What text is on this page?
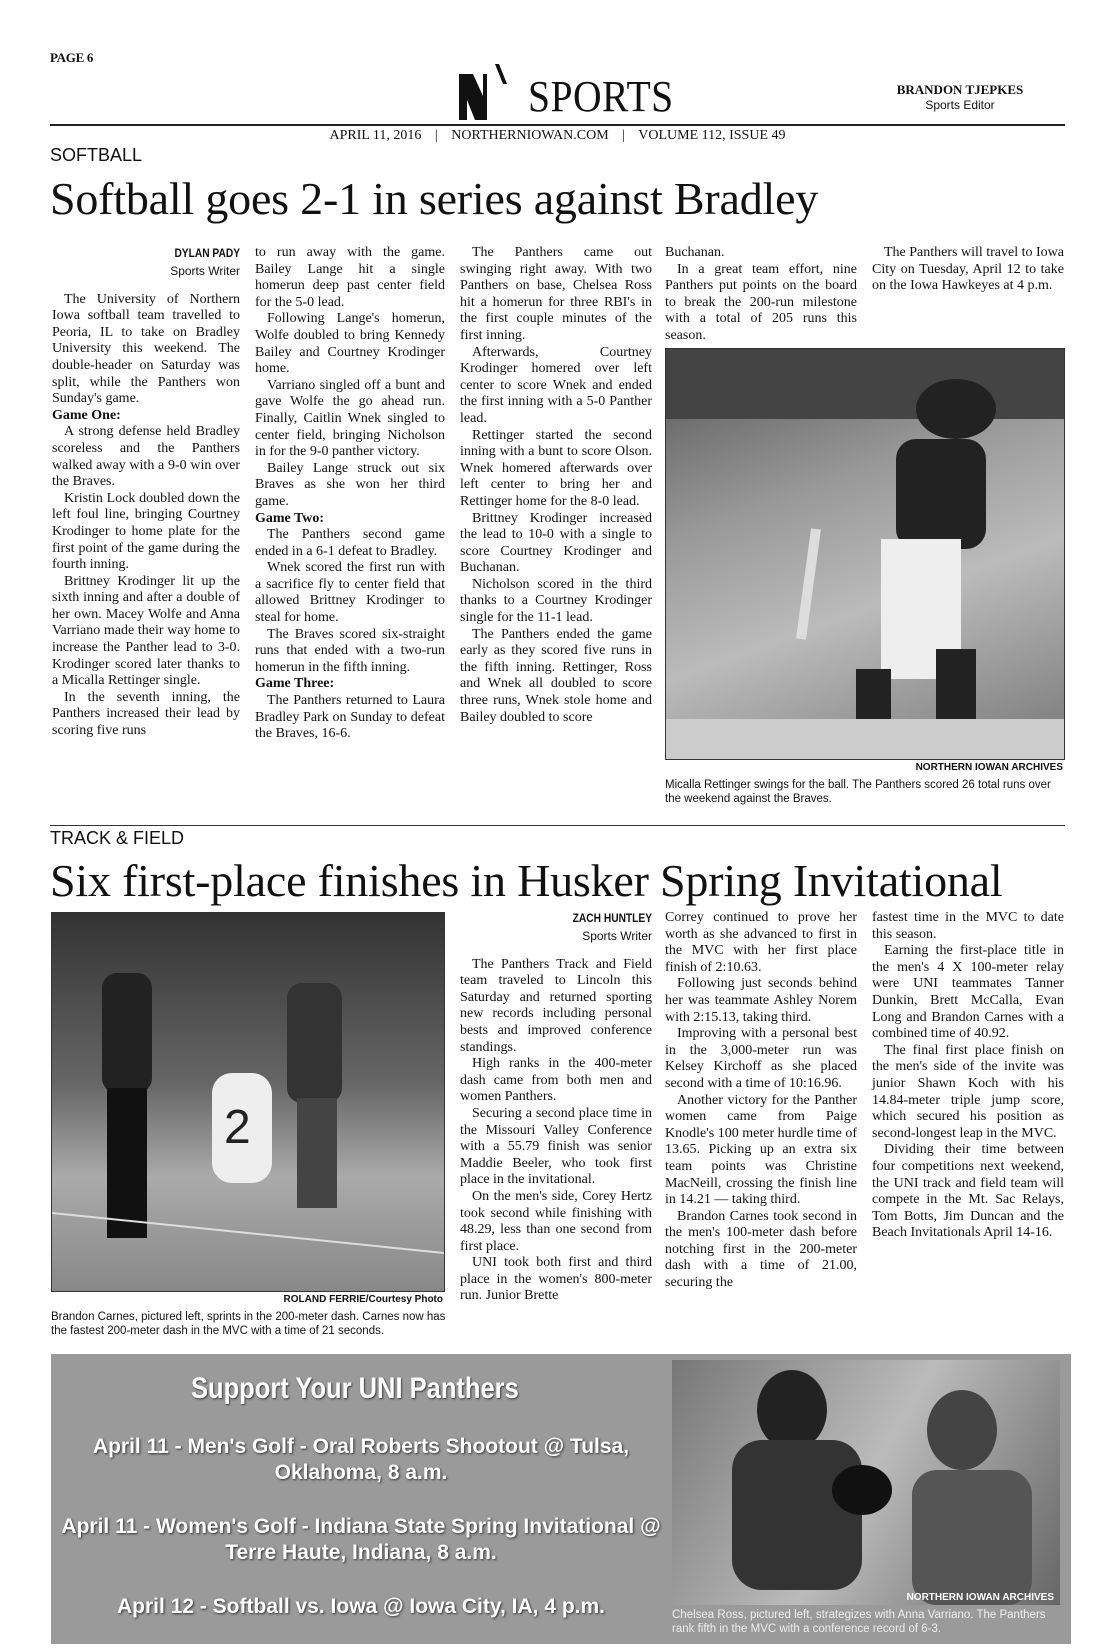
PAGE 6
SPORTS	BRANDON TJEPKES
Sports Editor
APRIL 11, 2016 | NORTHERNIOWAN.COM | VOLUME 112, ISSUE 49
SOFTBALL
Softball goes 2-1 in series against Bradley
DYLAN PADY
Sports Writer

The University of Northern Iowa softball team travelled to Peoria, IL to take on Bradley University this weekend. The double-header on Saturday was split, while the Panthers won Sunday's game.

Game One:

A strong defense held Bradley scoreless and the Panthers walked away with a 9-0 win over the Braves.

Kristin Lock doubled down the left foul line, bringing Courtney Krodinger to home plate for the first point of the game during the fourth inning.

Brittney Krodinger lit up the sixth inning and after a double of her own. Macey Wolfe and Anna Varriano made their way home to increase the Panther lead to 3-0. Krodinger scored later thanks to a Micalla Rettinger single.

In the seventh inning, the Panthers increased their lead by scoring five runs

to run away with the game. Bailey Lange hit a single homerun deep past center field for the 5-0 lead.

Following Lange's homerun, Wolfe doubled to bring Kennedy Bailey and Courtney Krodinger home.

Varriano singled off a bunt and gave Wolfe the go ahead run. Finally, Caitlin Wnek singled to center field, bringing Nicholson in for the 9-0 panther victory.

Bailey Lange struck out six Braves as she won her third game.

Game Two:

The Panthers second game ended in a 6-1 defeat to Bradley.

Wnek scored the first run with a sacrifice fly to center field that allowed Brittney Krodinger to steal for home.

The Braves scored six-straight runs that ended with a two-run homerun in the fifth inning.

Game Three:

The Panthers returned to Laura Bradley Park on Sunday to defeat the Braves, 16-6.

The Panthers came out swinging right away. With two Panthers on base, Chelsea Ross hit a homerun for three RBI's in the first couple minutes of the first inning.

Afterwards, Courtney Krodinger homered over left center to score Wnek and ended the first inning with a 5-0 Panther lead.

Rettinger started the second inning with a bunt to score Olson. Wnek homered afterwards over left center to bring her and Rettinger home for the 8-0 lead.

Brittney Krodinger increased the lead to 10-0 with a single to score Courtney Krodinger and Buchanan.

Nicholson scored in the third thanks to a Courtney Krodinger single for the 11-1 lead.

The Panthers ended the game early as they scored five runs in the fifth inning. Rettinger, Ross and Wnek all doubled to score three runs, Wnek stole home and Bailey doubled to score

Buchanan.

In a great team effort, nine Panthers put points on the board to break the 200-run milestone with a total of 205 runs this season.

The Panthers will travel to Iowa City on Tuesday, April 12 to take on the Iowa Hawkeyes at 4 p.m.

NORTHERN IOWAN ARCHIVES
Micalla Rettinger swings for the ball. The Panthers scored 26 total runs over the weekend against the Braves.
TRACK & FIELD
Six first-place finishes in Husker Spring Invitational
2
ROLAND FERRIE/Courtesy Photo
Brandon Carnes, pictured left, sprints in the 200-meter dash. Carnes now has the fastest 200-meter dash in the MVC with a time of 21 seconds.
ZACH HUNTLEY
Sports Writer

The Panthers Track and Field team traveled to Lincoln this Saturday and returned sporting new records including personal bests and improved conference standings.

High ranks in the 400-meter dash came from both men and women Panthers.

Securing a second place time in the Missouri Valley Conference with a 55.79 finish was senior Maddie Beeler, who took first place in the invitational.

On the men's side, Corey Hertz took second while finishing with 48.29, less than one second from first place.

UNI took both first and third place in the women's 800-meter run. Junior Brette

Correy continued to prove her worth as she advanced to first in the MVC with her first place finish of 2:10.63.

Following just seconds behind her was teammate Ashley Norem with 2:15.13, taking third.

Improving with a personal best in the 3,000-meter run was Kelsey Kirchoff as she placed second with a time of 10:16.96.

Another victory for the Panther women came from Paige Knodle's 100 meter hurdle time of 13.65. Picking up an extra six team points was Christine MacNeill, crossing the finish line in 14.21 — taking third.

Brandon Carnes took second in the men's 100-meter dash before notching first in the 200-meter dash with a time of 21.00, securing the

fastest time in the MVC to date this season.

Earning the first-place title in the men's 4 X 100-meter relay were UNI teammates Tanner Dunkin, Brett McCalla, Evan Long and Brandon Carnes with a combined time of 40.92.

The final first place finish on the men's side of the invite was junior Shawn Koch with his 14.84-meter triple jump score, which secured his position as second-longest leap in the MVC.

Dividing their time between four competitions next weekend, the UNI track and field team will compete in the Mt. Sac Relays, Tom Botts, Jim Duncan and the Beach Invitationals April 14-16.

Support Your UNI Panthers
April 11 - Men's Golf - Oral Roberts Shootout @ Tulsa, Oklahoma, 8 a.m.
April 11 - Women's Golf - Indiana State Spring Invitational @ Terre Haute, Indiana, 8 a.m.
April 12 - Softball vs. Iowa @ Iowa City, IA, 4 p.m.	NORTHERN IOWAN ARCHIVES
Chelsea Ross, pictured left, strategizes with Anna Varriano. The Panthers rank fifth in the MVC with a conference record of 6-3.
